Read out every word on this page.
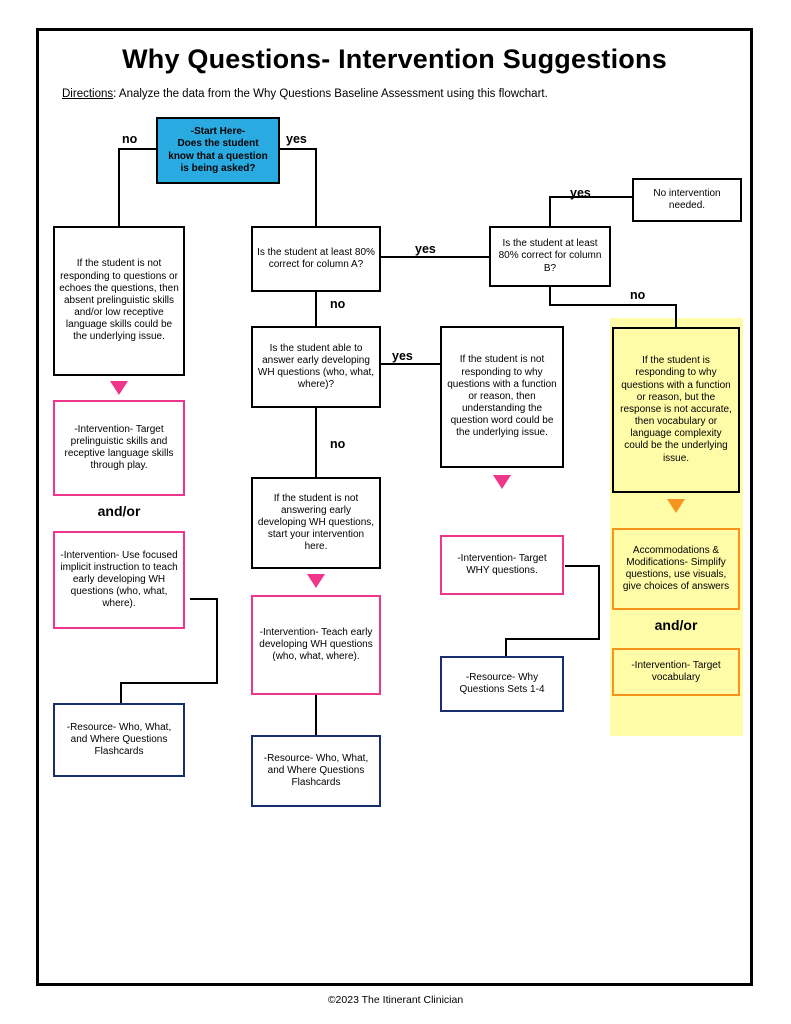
Why Questions- Intervention Suggestions
Directions: Analyze the data from the Why Questions Baseline Assessment using this flowchart.
-Start Here-
Does the student
know that a question
is being asked?
no	yes
If the student is not responding to questions or echoes the questions, then absent prelinguistic skills and/or low receptive language skills could be the underlying issue.
-Intervention- Target prelinguistic skills and receptive language skills through play.
and/or
-Intervention- Use focused implicit instruction to teach early developing WH questions (who, what, where).
-Resource- Who, What, and Where Questions Flashcards
Is the student at least 80% correct for column A?
yes	Is the student at least 80% correct for column B?
yes	No intervention needed.
no
no
Is the student able to answer early developing WH questions (who, what, where)?
yes
no
If the student is not answering early developing WH questions, start your intervention here.
-Intervention- Teach early developing WH questions (who, what, where).
-Resource- Who, What, and Where Questions Flashcards
If the student is not responding to why questions with a function or reason, then understanding the question word could be the underlying issue.
-Intervention- Target WHY questions.
-Resource- Why Questions Sets 1-4
If the student is responding to why questions with a function or reason, but the response is not accurate, then vocabulary or language complexity could be the underlying issue.
Accommodations & Modifications- Simplify questions, use visuals, give choices of answers
and/or
-Intervention- Target vocabulary
©2023 The Itinerant Clinician
